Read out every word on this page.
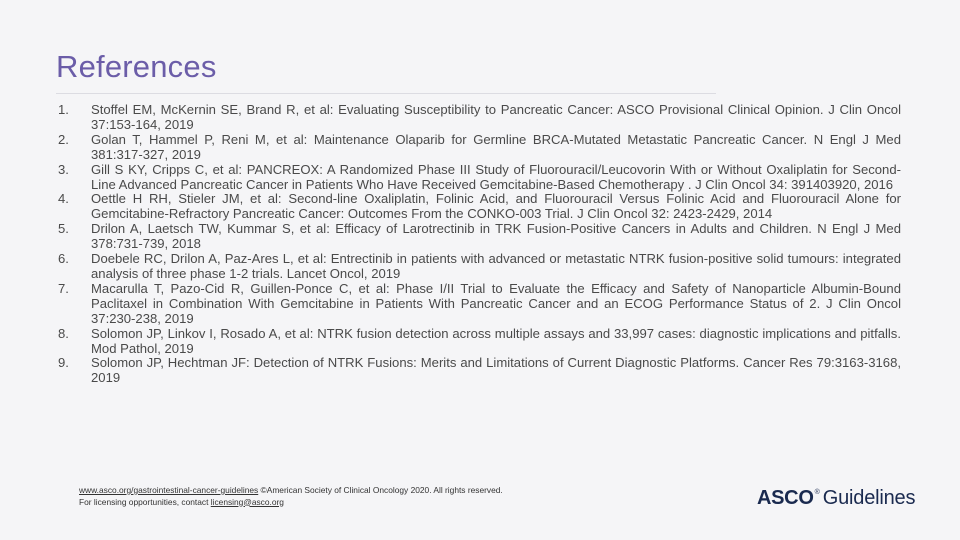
References
1.	Stoffel EM, McKernin SE, Brand R, et al: Evaluating Susceptibility to Pancreatic Cancer: ASCO Provisional Clinical Opinion. J Clin Oncol 37:153-164, 2019
2.	Golan T, Hammel P, Reni M, et al: Maintenance Olaparib for Germline BRCA-Mutated Metastatic Pancreatic Cancer. N Engl J Med 381:317-327, 2019
3.	Gill S KY, Cripps C, et al: PANCREOX: A Randomized Phase III Study of Fluorouracil/Leucovorin With or Without Oxaliplatin for Second-Line Advanced Pancreatic Cancer in Patients Who Have Received Gemcitabine-Based Chemotherapy . J Clin Oncol 34: 391403920, 2016
4.	Oettle H RH, Stieler JM, et al: Second-line Oxaliplatin, Folinic Acid, and Fluorouracil Versus Folinic Acid and Fluorouracil Alone for Gemcitabine-Refractory Pancreatic Cancer: Outcomes From the CONKO-003 Trial. J Clin Oncol 32: 2423-2429, 2014
5.	Drilon A, Laetsch TW, Kummar S, et al: Efficacy of Larotrectinib in TRK Fusion-Positive Cancers in Adults and Children. N Engl J Med 378:731-739, 2018
6.	Doebele RC, Drilon A, Paz-Ares L, et al: Entrectinib in patients with advanced or metastatic NTRK fusion-positive solid tumours: integrated analysis of three phase 1-2 trials. Lancet Oncol, 2019
7.	Macarulla T, Pazo-Cid R, Guillen-Ponce C, et al: Phase I/II Trial to Evaluate the Efficacy and Safety of Nanoparticle Albumin-Bound Paclitaxel in Combination With Gemcitabine in Patients With Pancreatic Cancer and an ECOG Performance Status of 2. J Clin Oncol 37:230-238, 2019
8.	Solomon JP, Linkov I, Rosado A, et al: NTRK fusion detection across multiple assays and 33,997 cases: diagnostic implications and pitfalls. Mod Pathol, 2019
9.	Solomon JP, Hechtman JF: Detection of NTRK Fusions: Merits and Limitations of Current Diagnostic Platforms. Cancer Res 79:3163-3168, 2019
www.asco.org/gastrointestinal-cancer-guidelines ©American Society of Clinical Oncology 2020. All rights reserved.
For licensing opportunities, contact licensing@asco.org	ASCO ® Guidelines
